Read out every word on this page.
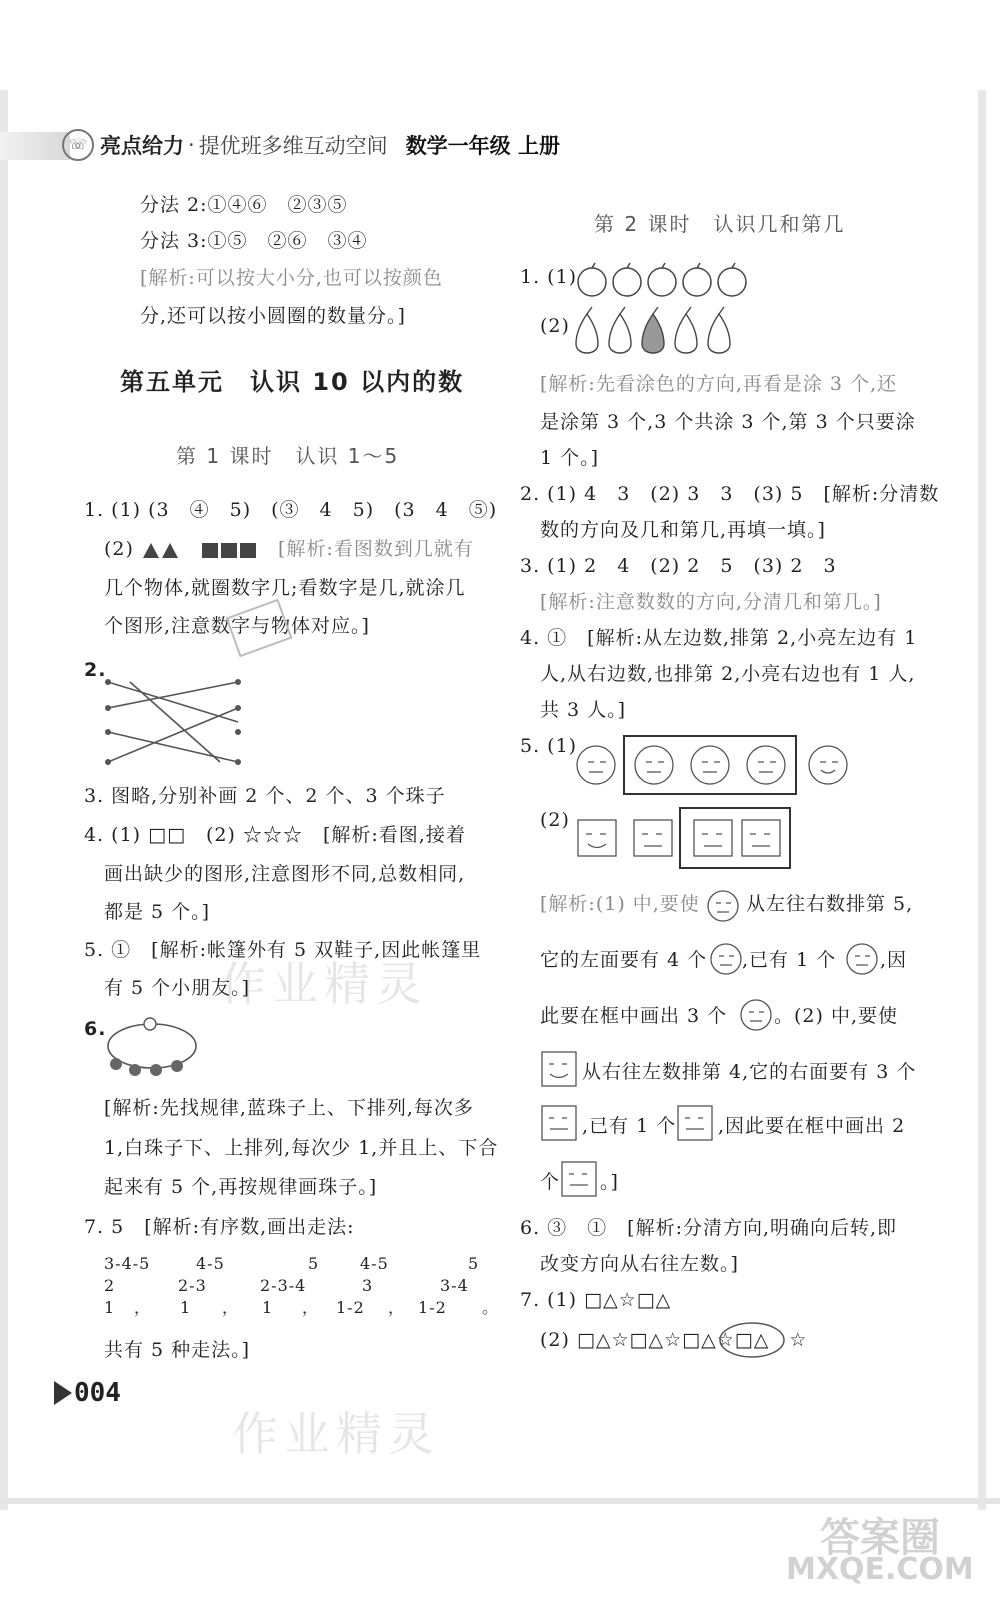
☏ 亮点给力 · 提优班多维互动空间 数学一年级 上册
分法 2:①④⑥　②③⑤
分法 3:①⑤　②⑥　③④
[解析:可以按大小分,也可以按颜色
分,还可以按小圆圈的数量分。]
第五单元　认识 10 以内的数
第 1 课时　认识 1～5
1. (1) (3　④　5)　(③　4　5)　(3　4　⑤)
(2)	[解析:看图数到几就有
几个物体,就圈数字几;看数字是几,就涂几
个图形,注意数字与物体对应。]
2.
3. 图略,分别补画 2 个、2 个、3 个珠子
4. (1) □□　(2) ☆☆☆　[解析:看图,接着
画出缺少的图形,注意图形不同,总数相同,
都是 5 个。]
5. ①　[解析:帐篷外有 5 双鞋子,因此帐篷里
有 5 个小朋友。]
6.
[解析:先找规律,蓝珠子上、下排列,每次多
1,白珠子下、上排列,每次少 1,并且上、下合
起来有 5 个,再按规律画珠子。]
7. 5　[解析:有序数,画出走法:
3-4-5
2
1 ，
4-5
2-3
1 ，
5
2-3-4
1 ，
4-5
3
1-2 ，
5
3-4
1-2 。
共有 5 种走法。]
004
第 2 课时　认识几和第几
1. (1)
(2)
[解析:先看涂色的方向,再看是涂 3 个,还
是涂第 3 个,3 个共涂 3 个,第 3 个只要涂
1 个。]
2. (1) 4　3　(2) 3　3　(3) 5　[解析:分清数
数的方向及几和第几,再填一填。]
3. (1) 2　4　(2) 2　5　(3) 2　3
[解析:注意数数的方向,分清几和第几。]
4. ①　[解析:从左边数,排第 2,小亮左边有 1
人,从右边数,也排第 2,小亮右边也有 1 人,
共 3 人。]
5. (1)
(2)
[解析:(1) 中,要使 从左往右数排第 5,
它的左面要有 4 个 ,已有 1 个 ,因
此要在框中画出 3 个 。(2) 中,要使
从右往左数排第 4,它的右面要有 3 个
,已有 1 个 ,因此要在框中画出 2
个 。]
6. ③　①　[解析:分清方向,明确向后转,即
改变方向从右往左数。]
7. (1) □△☆□△
(2) □△☆□△☆□△☆□△　☆
作业精灵
作业精灵
答案圈
MXQE.COM
